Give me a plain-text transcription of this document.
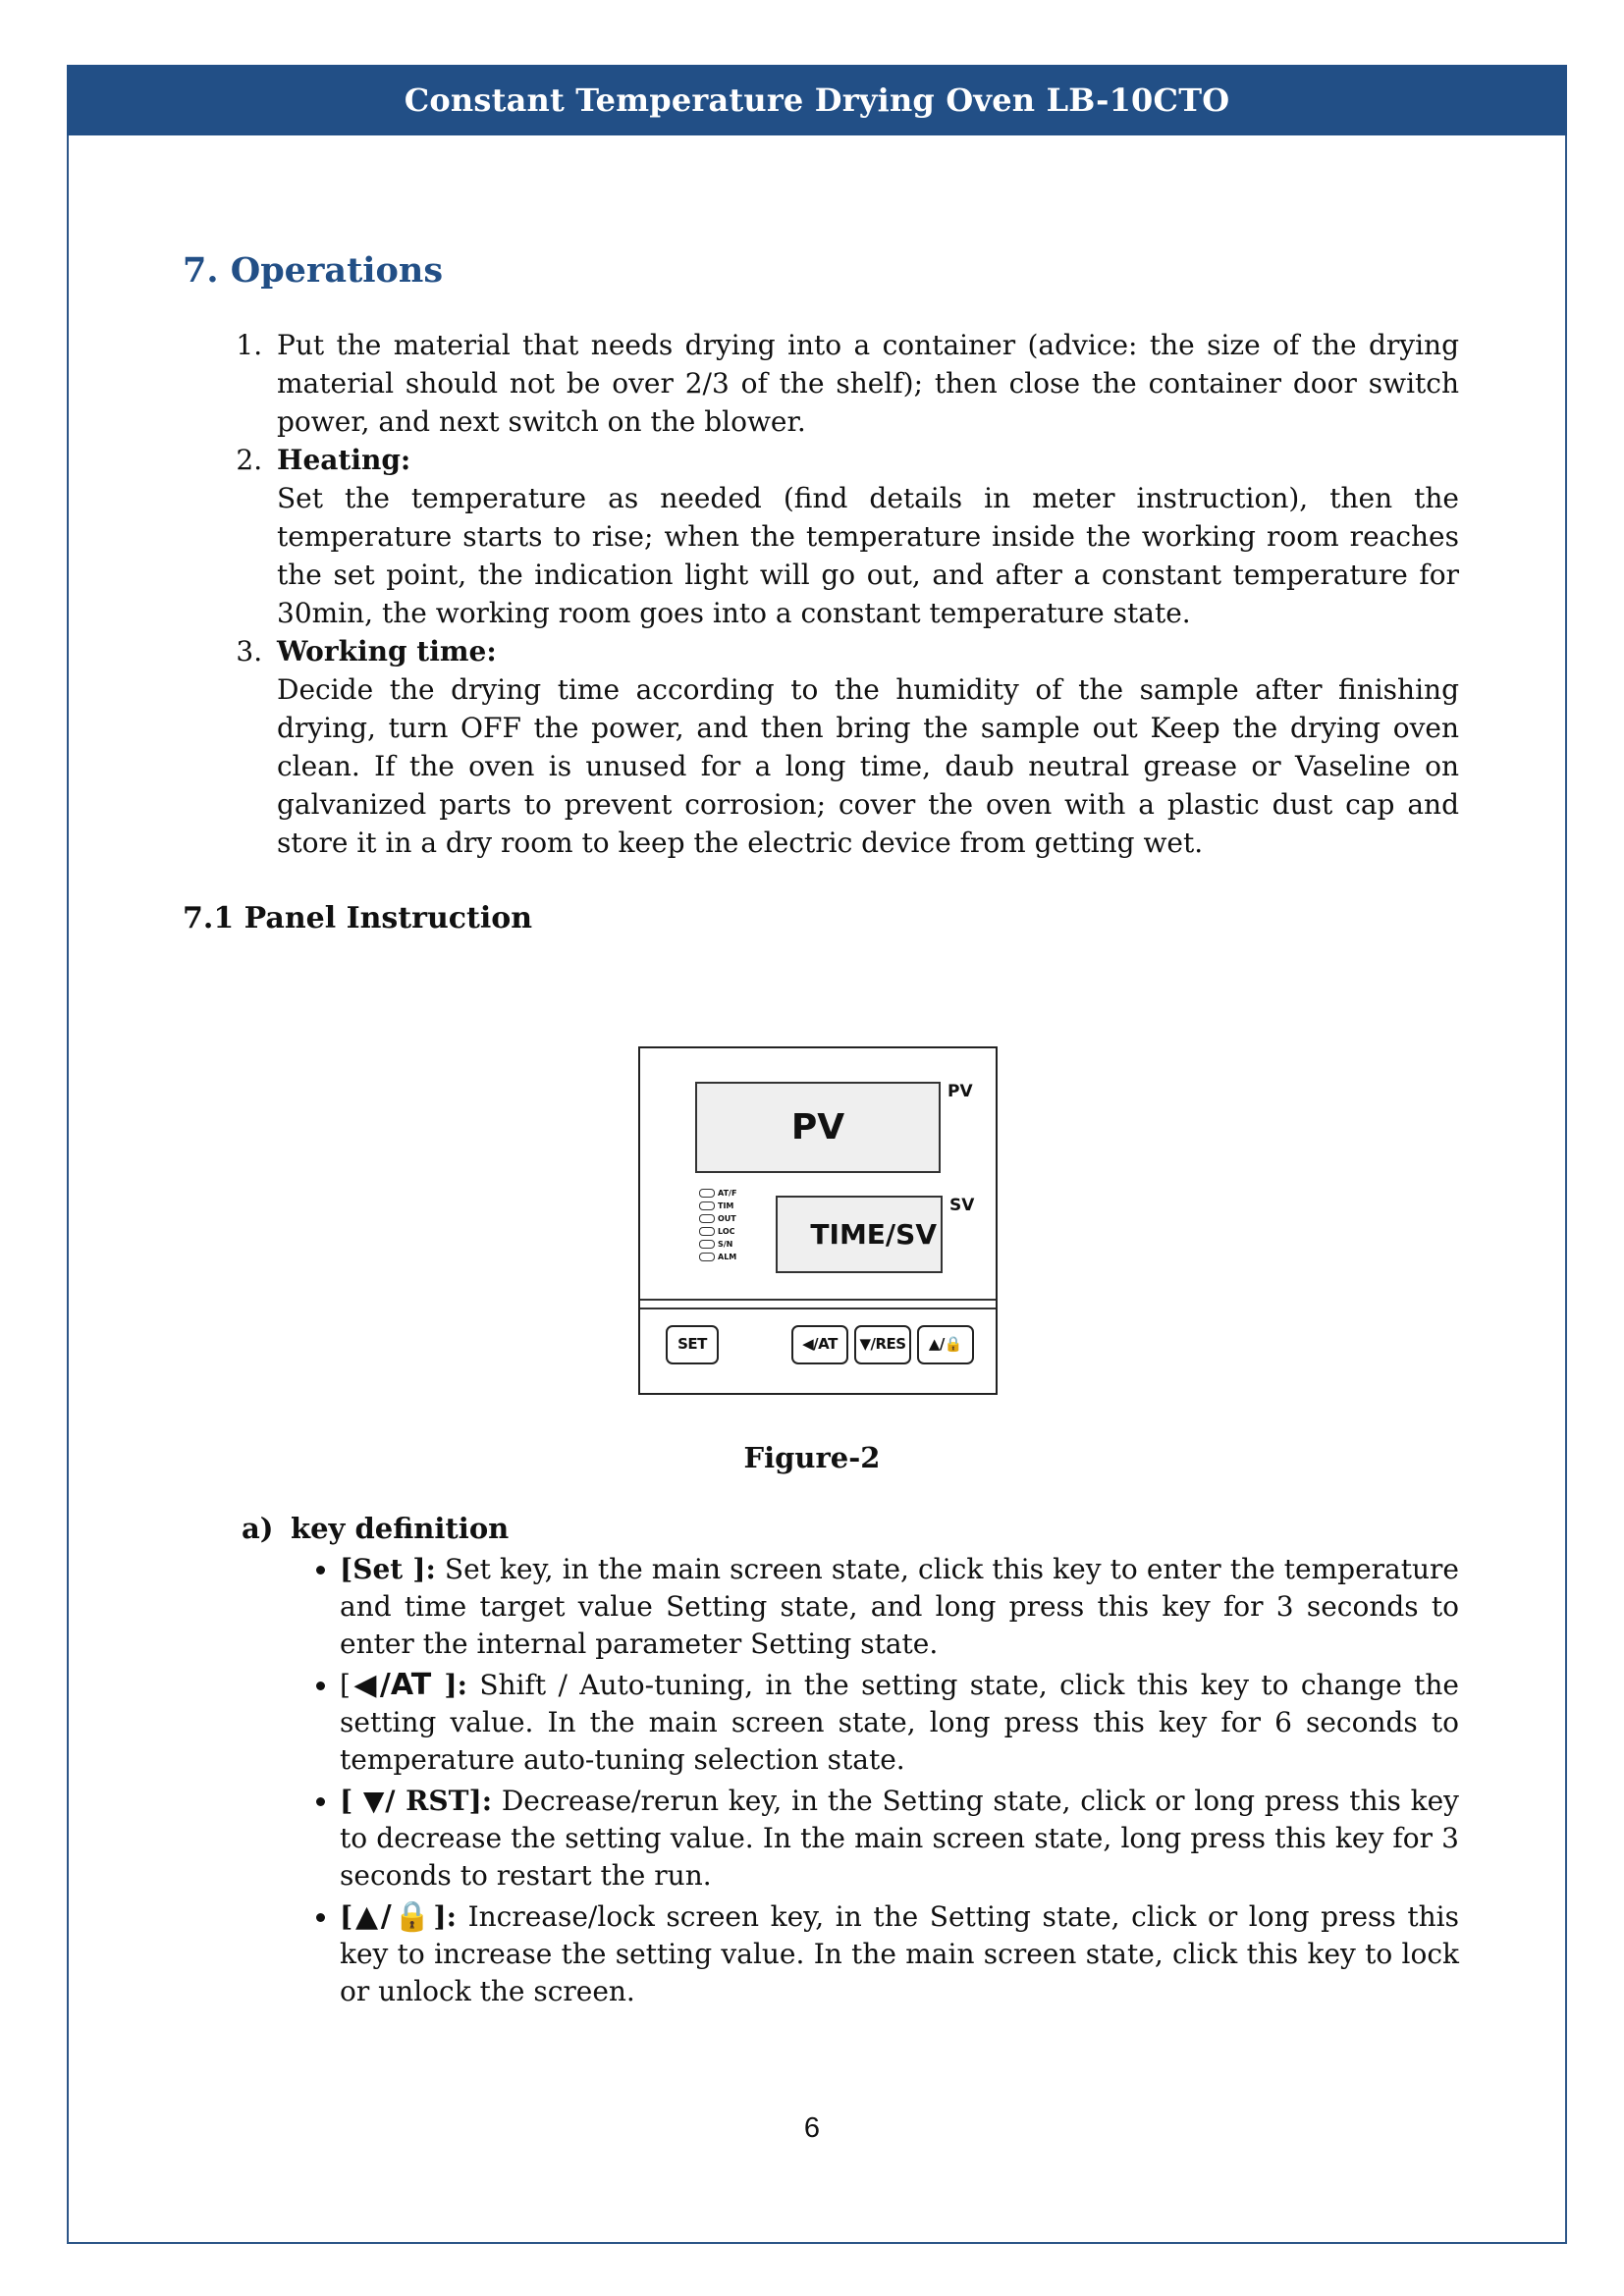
Constant Temperature Drying Oven LB-10CTO
7. Operations
1. Put the material that needs drying into a container (advice: the size of the drying material should not be over 2/3 of the shelf); then close the container door switch power, and next switch on the blower.
2. Heating:
Set the temperature as needed (find details in meter instruction), then the temperature starts to rise; when the temperature inside the working room reaches the set point, the indication light will go out, and after a constant temperature for 30min, the working room goes into a constant temperature state.
3. Working time:
Decide the drying time according to the humidity of the sample after finishing drying, turn OFF the power, and then bring the sample out Keep the drying oven clean. If the oven is unused for a long time, daub neutral grease or Vaseline on galvanized parts to prevent corrosion; cover the oven with a plastic dust cap and store it in a dry room to keep the electric device from getting wet.
7.1 Panel Instruction
PV
PV
AT/F
TIM
OUT
LOC
S/N
ALM
TIME/SV
SV
SET	◀/AT	▼/RES	▲/🔒
Figure-2
a) key definition
• [Set ]: Set key, in the main screen state, click this key to enter the temperature and time target value Setting state, and long press this key for 3 seconds to enter the internal parameter Setting state.
• [◀/AT ]: Shift / Auto-tuning, in the setting state, click this key to change the setting value. In the main screen state, long press this key for 6 seconds to temperature auto-tuning selection state.
• [ ▼/ RST]: Decrease/rerun key, in the Setting state, click or long press this key to decrease the setting value. In the main screen state, long press this key for 3 seconds to restart the run.
• [▲/🔒]: Increase/lock screen key, in the Setting state, click or long press this key to increase the setting value. In the main screen state, click this key to lock or unlock the screen.
6
